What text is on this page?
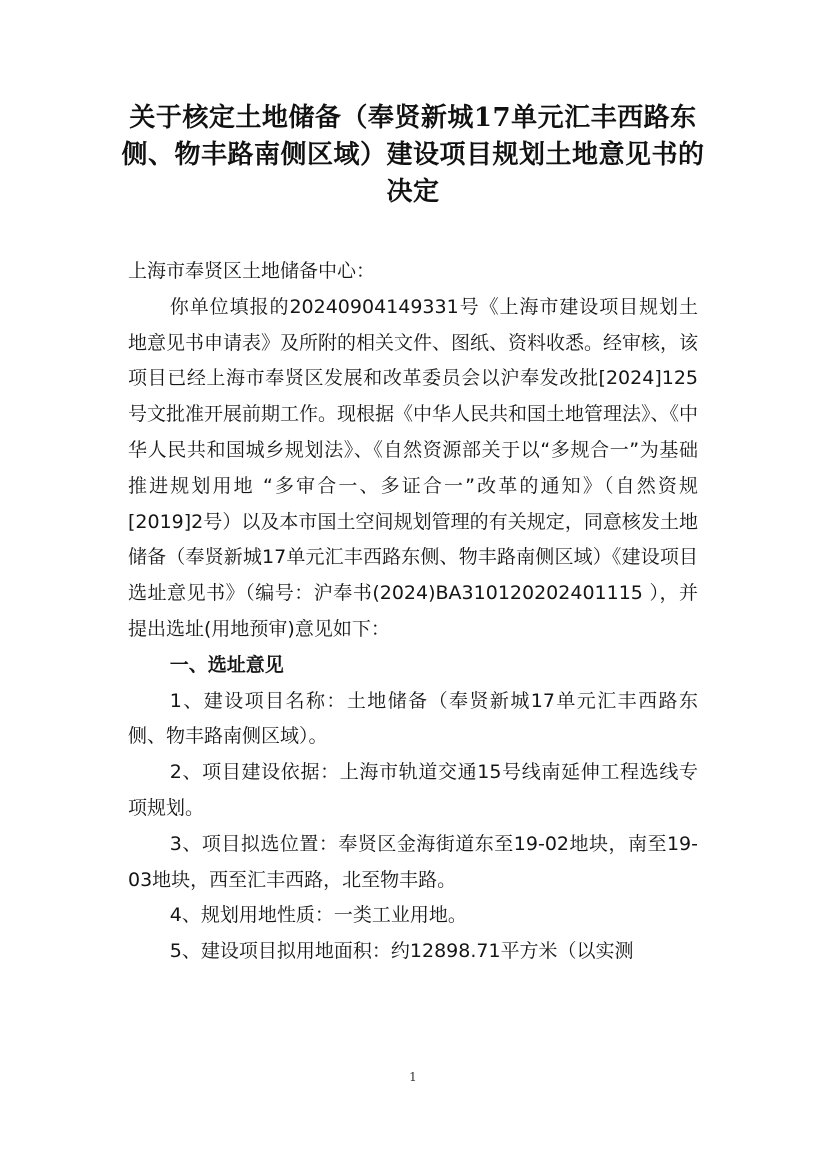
关于核定土地储备（奉贤新城17单元汇丰西路东侧、物丰路南侧区域）建设项目规划土地意见书的决定

上海市奉贤区土地储备中心：

你单位填报的20240904149331号《上海市建设项目规划土地意见书申请表》及所附的相关文件、图纸、资料收悉。经审核，该项目已经上海市奉贤区发展和改革委员会以沪奉发改批[2024]125号文批准开展前期工作。现根据《中华人民共和国土地管理法》、《中华人民共和国城乡规划法》、《自然资源部关于以“多规合一”为基础推进规划用地 “多审合一、多证合一”改革的通知》（自然资规[2019]2号）以及本市国土空间规划管理的有关规定，同意核发土地储备（奉贤新城17单元汇丰西路东侧、物丰路南侧区域）《建设项目选址意见书》（编号：沪奉书(2024)BA310120202401115 ），并提出选址(用地预审)意见如下：

一、选址意见

1、建设项目名称：土地储备（奉贤新城17单元汇丰西路东侧、物丰路南侧区域）。

2、项目建设依据：上海市轨道交通15号线南延伸工程选线专项规划。

3、项目拟选位置：奉贤区金海街道东至19-02地块，南至19-03地块，西至汇丰西路，北至物丰路。

4、规划用地性质：一类工业用地。

5、建设项目拟用地面积：约12898.71平方米（以实测

1
